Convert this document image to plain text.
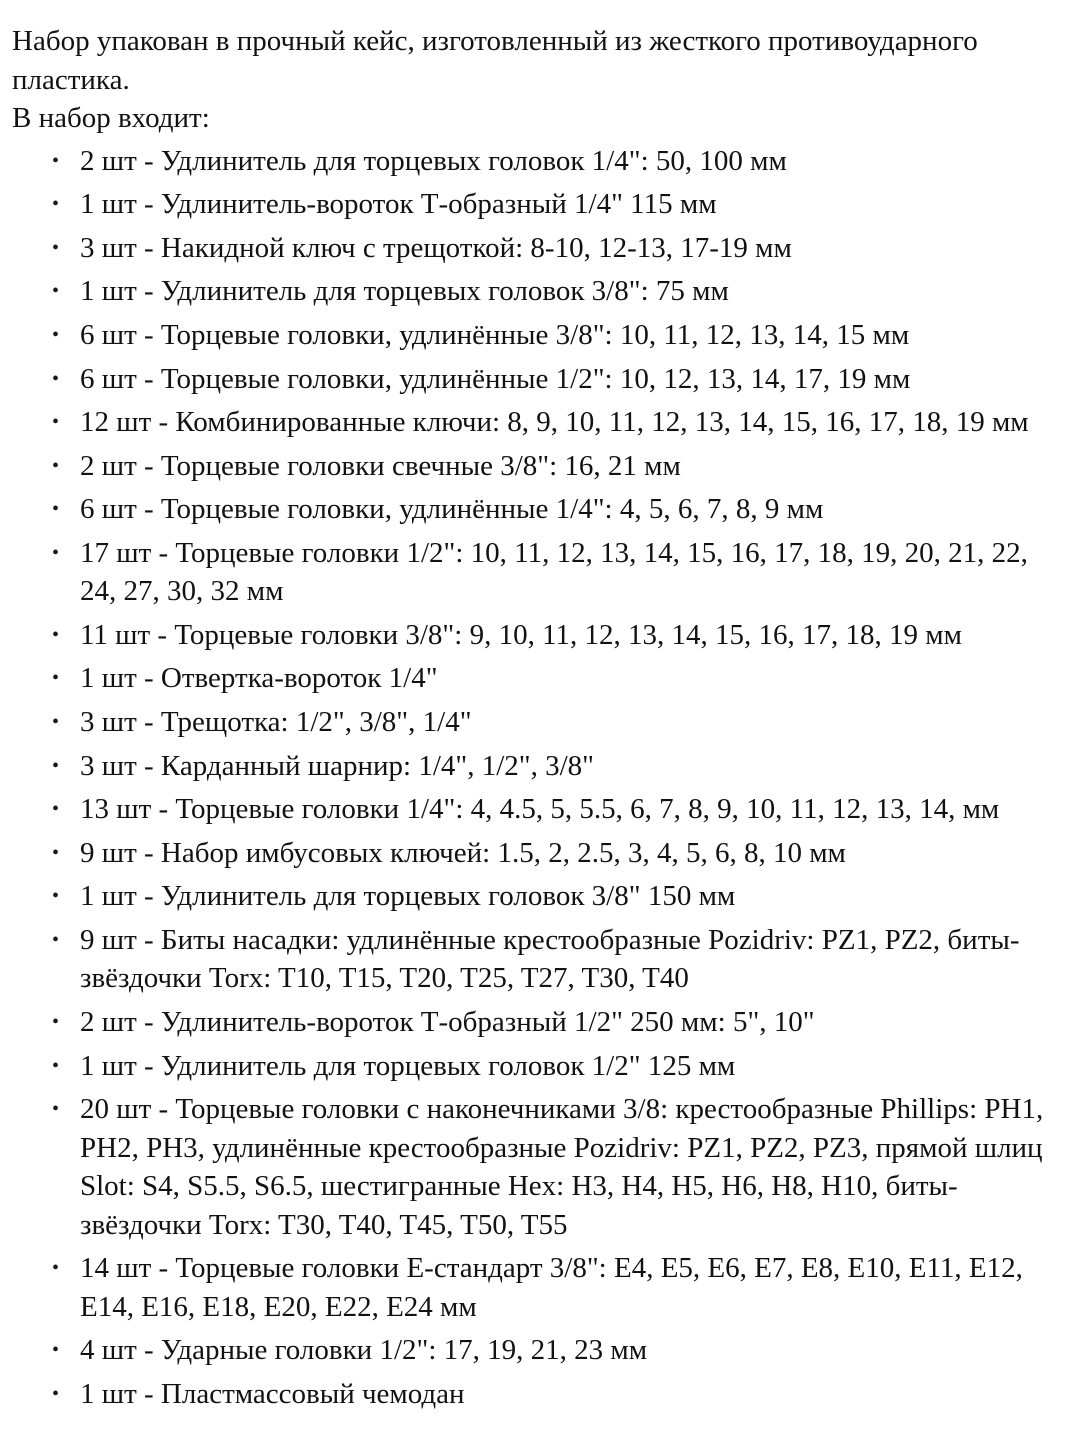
Набор упакован в прочный кейс, изготовленный из жесткого противоударного пластика.

В набор входит:

• 2 шт - Удлинитель для торцевых головок 1/4": 50, 100 мм
• 1 шт - Удлинитель-вороток Т-образный 1/4" 115 мм
• 3 шт - Накидной ключ с трещоткой: 8-10, 12-13, 17-19 мм
• 1 шт - Удлинитель для торцевых головок 3/8": 75 мм
• 6 шт - Торцевые головки, удлинённые 3/8": 10, 11, 12, 13, 14, 15 мм
• 6 шт - Торцевые головки, удлинённые 1/2": 10, 12, 13, 14, 17, 19 мм
• 12 шт - Комбинированные ключи: 8, 9, 10, 11, 12, 13, 14, 15, 16, 17, 18, 19 мм
• 2 шт - Торцевые головки свечные 3/8": 16, 21 мм
• 6 шт - Торцевые головки, удлинённые 1/4": 4, 5, 6, 7, 8, 9 мм
• 17 шт - Торцевые головки 1/2": 10, 11, 12, 13, 14, 15, 16, 17, 18, 19, 20, 21, 22, 24, 27, 30, 32 мм
• 11 шт - Торцевые головки 3/8": 9, 10, 11, 12, 13, 14, 15, 16, 17, 18, 19 мм
• 1 шт - Отвертка-вороток 1/4"
• 3 шт - Трещотка: 1/2", 3/8", 1/4"
• 3 шт - Карданный шарнир: 1/4", 1/2", 3/8"
• 13 шт - Торцевые головки 1/4": 4, 4.5, 5, 5.5, 6, 7, 8, 9, 10, 11, 12, 13, 14, мм
• 9 шт - Набор имбусовых ключей: 1.5, 2, 2.5, 3, 4, 5, 6, 8, 10 мм
• 1 шт - Удлинитель для торцевых головок 3/8" 150 мм
• 9 шт - Биты насадки: удлинённые крестообразные Pozidriv: PZ1, PZ2, биты-звёздочки Torx: T10, T15, T20, T25, T27, T30, T40
• 2 шт - Удлинитель-вороток Т-образный 1/2" 250 мм: 5", 10"
• 1 шт - Удлинитель для торцевых головок 1/2" 125 мм
• 20 шт - Торцевые головки с наконечниками 3/8: крестообразные Phillips: PH1, PH2, PH3, удлинённые крестообразные Pozidriv: PZ1, PZ2, PZ3, прямой шлиц Slot: S4, S5.5, S6.5, шестигранные Hex: H3, H4, H5, H6, H8, H10, биты-звёздочки Torx: T30, T40, T45, T50, T55
• 14 шт - Торцевые головки Е-стандарт 3/8": Е4, Е5, Е6, Е7, Е8, Е10, Е11, Е12, Е14, Е16, Е18, Е20, Е22, Е24 мм
• 4 шт - Ударные головки 1/2": 17, 19, 21, 23 мм
• 1 шт - Пластмассовый чемодан
